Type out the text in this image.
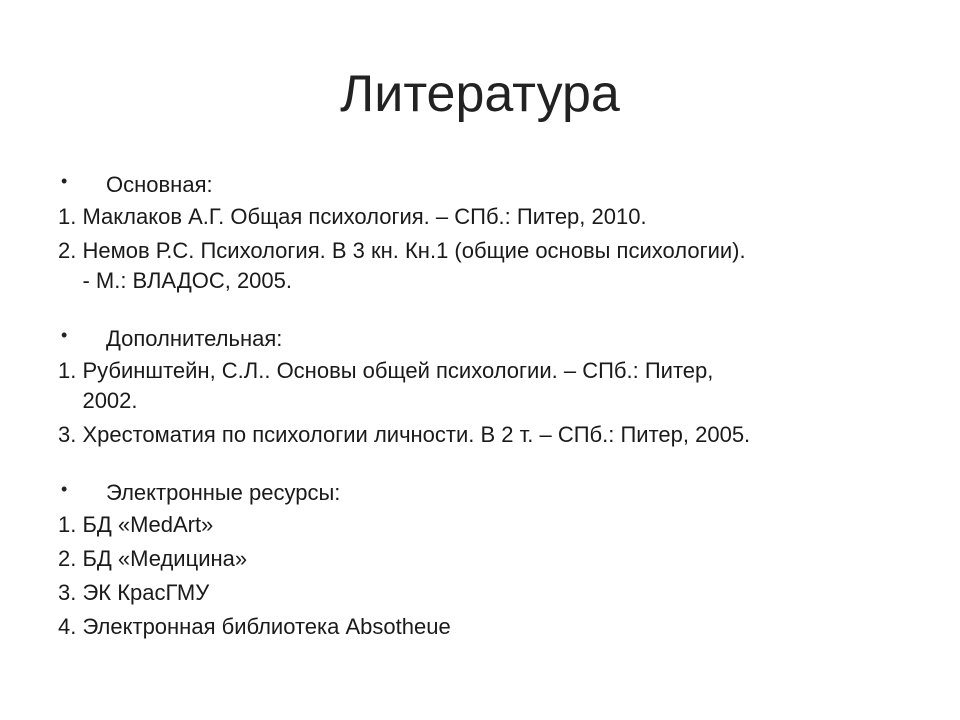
Литература
• Основная:
1. Маклаков А.Г. Общая психология. – СПб.: Питер, 2010.
2. Немов Р.С. Психология. В 3 кн. Кн.1 (общие основы психологии).
- М.: ВЛАДОС, 2005.
• Дополнительная:
1. Рубинштейн, С.Л.. Основы общей психологии. – СПб.: Питер,
2002.
3. Хрестоматия по психологии личности. В 2 т. – СПб.: Питер, 2005.
• Электронные ресурсы:
1. БД «MedArt»
2. БД «Медицина»
3. ЭК КрасГМУ
4. Электронная библиотека Absotheue
